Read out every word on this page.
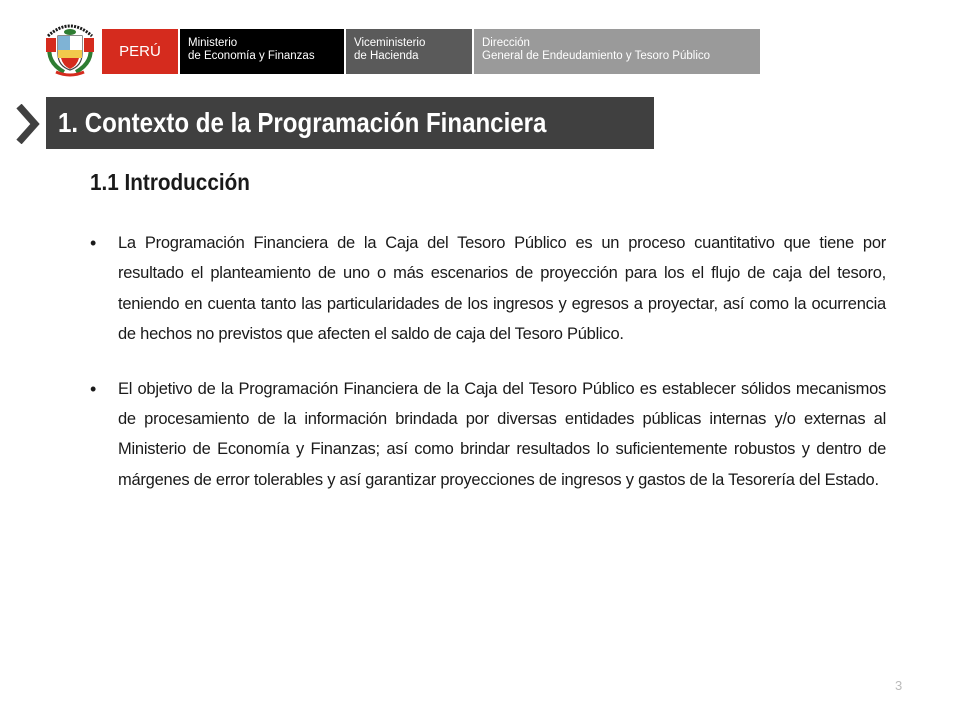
PERÚ Ministerio
de Economía y Finanzas
Viceministerio
de Hacienda
Dirección
General de Endeudamiento y Tesoro Público
1. Contexto de la Programación Financiera
1.1 Introducción
• La Programación Financiera de la Caja del Tesoro Público es un proceso cuantitativo que tiene por resultado el planteamiento de uno o más escenarios de proyección para los el flujo de caja del tesoro, teniendo en cuenta tanto las particularidades de los ingresos y egresos a proyectar, así como la ocurrencia de hechos no previstos que afecten el saldo de caja del Tesoro Público.
• El objetivo de la Programación Financiera de la Caja del Tesoro Público es establecer sólidos mecanismos de procesamiento de la información brindada por diversas entidades públicas internas y/o externas al Ministerio de Economía y Finanzas; así como brindar resultados lo suficientemente robustos y dentro de márgenes de error tolerables y así garantizar proyecciones de ingresos y gastos de la Tesorería del Estado.
3
